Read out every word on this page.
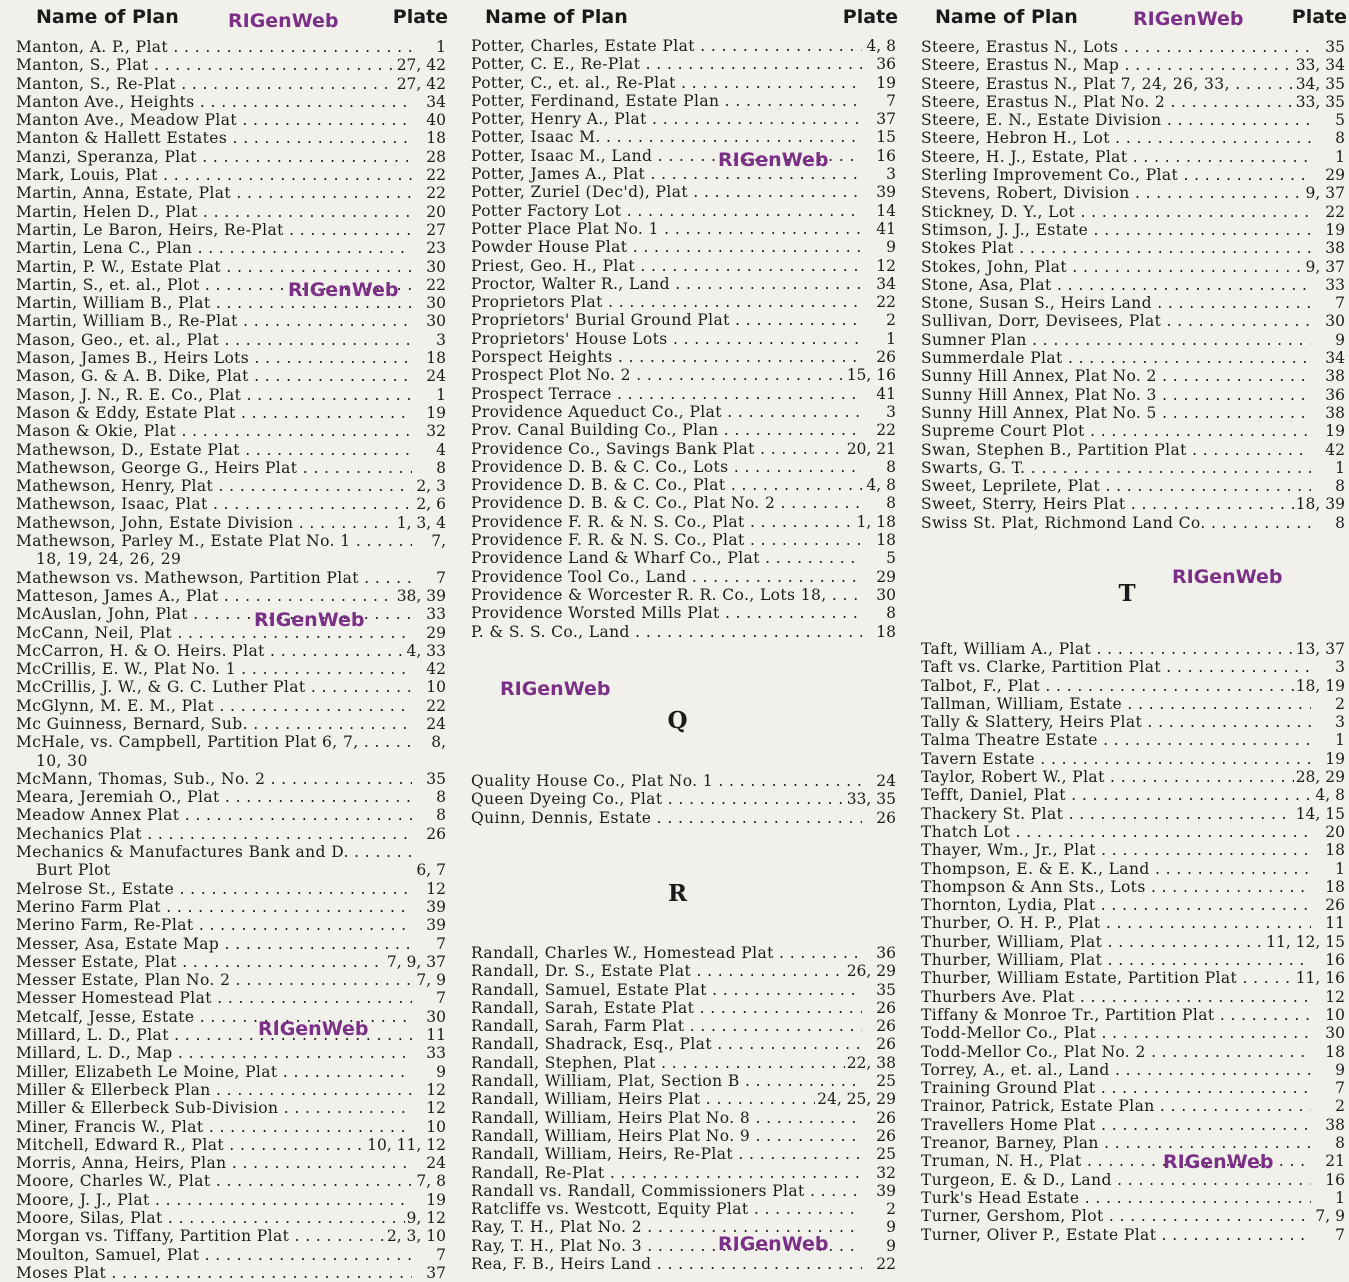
Name of Plan	Plate
Manton, A. P., Plat . . .	1
Manton, S., Plat . . .	27, 42
Manton, S., Re-Plat . . .	27, 42
Manton Ave., Heights . . .	34
Manton Ave., Meadow Plat . . .	40
Manton & Hallett Estates . . .	18
Manzi, Speranza, Plat . . .	28
Mark, Louis, Plat . . .	22
Martin, Anna, Estate, Plat . . .	22
Martin, Helen D., Plat . . .	20
Martin, Le Baron, Heirs, Re-Plat . . .	27
Martin, Lena C., Plan . . .	23
Martin, P. W., Estate Plat . . .	30
Martin, S., et. al., Plot . . .	22
Martin, William B., Plat . . .	30
Martin, William B., Re-Plat . . .	30
Mason, Geo., et. al., Plat . . .	3
Mason, James B., Heirs Lots . . .	18
Mason, G. & A. B. Dike, Plat . . .	24
Mason, J. N., R. E. Co., Plat . . .	1
Mason & Eddy, Estate Plat . . .	19
Mason & Okie, Plat . . .	32
Mathewson, D., Estate Plat . . .	4
Mathewson, George G., Heirs Plat . . .	8
Mathewson, Henry, Plat . . .	2, 3
Mathewson, Isaac, Plat . . .	2, 6
Mathewson, John, Estate Division . . .	1, 3, 4
Mathewson, Parley M., Estate Plat No. 1 . . .	7,
18, 19, 24, 26, 29
Mathewson vs. Mathewson, Partition Plat . . .	7
Matteson, James A., Plat . . .	38, 39
McAuslan, John, Plat . . .	33
McCann, Neil, Plat . . .	29
McCarron, H. & O. Heirs. Plat . . .	4, 33
McCrillis, E. W., Plat No. 1 . . .	42
McCrillis, J. W., & G. C. Luther Plat . . .	10
McGlynn, M. E. M., Plat . . .	22
Mc Guinness, Bernard, Sub. . . .	24
McHale, vs. Campbell, Partition Plat 6, 7, . . .	8,
10, 30
McMann, Thomas, Sub., No. 2 . . .	35
Meara, Jeremiah O., Plat . . .	8
Meadow Annex Plat . . .	8
Mechanics Plat . . .	26
Mechanics & Manufactures Bank and D. . . .
Burt Plot	6, 7
Melrose St., Estate . . .	12
Merino Farm Plat . . .	39
Merino Farm, Re-Plat . . .	39
Messer, Asa, Estate Map . . .	7
Messer Estate, Plat . . .	7, 9, 37
Messer Estate, Plan No. 2 . . .	7, 9
Messer Homestead Plat . . .	7
Metcalf, Jesse, Estate . . .	30
Millard, L. D., Plat . . .	11
Millard, L. D., Map . . .	33
Miller, Elizabeth Le Moine, Plat . . .	9
Miller & Ellerbeck Plan . . .	12
Miller & Ellerbeck Sub-Division . . .	12
Miner, Francis W., Plat . . .	10
Mitchell, Edward R., Plat . . .	10, 11, 12
Morris, Anna, Heirs, Plan . . .	24
Moore, Charles W., Plat . . .	7, 8
Moore, J. J., Plat . . .	19
Moore, Silas, Plat . . .	9, 12
Morgan vs. Tiffany, Partition Plat . . .	2, 3, 10
Moulton, Samuel, Plat . . .	7
Moses Plat . . .	37
Name of Plan	Plate
Potter, Charles, Estate Plat . . .	4, 8
Potter, C. E., Re-Plat . . .	36
Potter, C., et. al., Re-Plat . . .	19
Potter, Ferdinand, Estate Plan . . .	7
Potter, Henry A., Plat . . .	37
Potter, Isaac M. . . .	15
Potter, Isaac M., Land . . .	16
Potter, James A., Plat . . .	3
Potter, Zuriel (Dec'd), Plat . . .	39
Potter Factory Lot . . .	14
Potter Place Plat No. 1 . . .	41
Powder House Plat . . .	9
Priest, Geo. H., Plat . . .	12
Proctor, Walter R., Land . . .	34
Proprietors Plat . . .	22
Proprietors' Burial Ground Plat . . .	2
Proprietors' House Lots . . .	1
Porspect Heights . . .	26
Prospect Plot No. 2 . . .	15, 16
Prospect Terrace . . .	41
Providence Aqueduct Co., Plat . . .	3
Prov. Canal Building Co., Plan . . .	22
Providence Co., Savings Bank Plat . . .	20, 21
Providence D. B. & C. Co., Lots . . .	8
Providence D. B. & C. Co., Plat . . .	4, 8
Providence D. B. & C. Co., Plat No. 2 . . .	8
Providence F. R. & N. S. Co., Plat . . .	1, 18
Providence F. R. & N. S. Co., Plat . . .	18
Providence Land & Wharf Co., Plat . . .	5
Providence Tool Co., Land . . .	29
Providence & Worcester R. R. Co., Lots 18, . . .	30
Providence Worsted Mills Plat . . .	8
P. & S. S. Co., Land . . .	18
Q
Quality House Co., Plat No. 1 . . .	24
Queen Dyeing Co., Plat . . .	33, 35
Quinn, Dennis, Estate . . .	26
R
Randall, Charles W., Homestead Plat . . .	36
Randall, Dr. S., Estate Plat . . .	26, 29
Randall, Samuel, Estate Plat . . .	35
Randall, Sarah, Estate Plat . . .	26
Randall, Sarah, Farm Plat . . .	26
Randall, Shadrack, Esq., Plat . . .	26
Randall, Stephen, Plat . . .	22, 38
Randall, William, Plat, Section B . . .	25
Randall, William, Heirs Plat . . .	24, 25, 29
Randall, William, Heirs Plat No. 8 . . .	26
Randall, William, Heirs Plat No. 9 . . .	26
Randall, William, Heirs, Re-Plat . . .	25
Randall, Re-Plat . . .	32
Randall vs. Randall, Commissioners Plat . . .	39
Ratcliffe vs. Westcott, Equity Plat . . .	2
Ray, T. H., Plat No. 2 . . .	9
Ray, T. H., Plat No. 3 . . .	9
Rea, F. B., Heirs Land . . .	22
Name of Plan	Plate
Steere, Erastus N., Lots . . .	35
Steere, Erastus N., Map . . .	33, 34
Steere, Erastus N., Plat 7, 24, 26, 33, . . .	34, 35
Steere, Erastus N., Plat No. 2 . . .	33, 35
Steere, E. N., Estate Division . . .	5
Steere, Hebron H., Lot . . .	8
Steere, H. J., Estate, Plat . . .	1
Sterling Improvement Co., Plat . . .	29
Stevens, Robert, Division . . .	9, 37
Stickney, D. Y., Lot . . .	22
Stimson, J. J., Estate . . .	19
Stokes Plat . . .	38
Stokes, John, Plat . . .	9, 37
Stone, Asa, Plat . . .	33
Stone, Susan S., Heirs Land . . .	7
Sullivan, Dorr, Devisees, Plat . . .	30
Sumner Plan . . .	9
Summerdale Plat . . .	34
Sunny Hill Annex, Plat No. 2 . . .	38
Sunny Hill Annex, Plat No. 3 . . .	36
Sunny Hill Annex, Plat No. 5 . . .	38
Supreme Court Plot . . .	19
Swan, Stephen B., Partition Plat . . .	42
Swarts, G. T. . . .	1
Sweet, Leprilete, Plat . . .	8
Sweet, Sterry, Heirs Plat . . .	18, 39
Swiss St. Plat, Richmond Land Co. . . .	8
T
Taft, William A., Plat . . .	13, 37
Taft vs. Clarke, Partition Plat . . .	3
Talbot, F., Plat . . .	18, 19
Tallman, William, Estate . . .	2
Tally & Slattery, Heirs Plat . . .	3
Talma Theatre Estate . . .	1
Tavern Estate . . .	19
Taylor, Robert W., Plat . . .	28, 29
Tefft, Daniel, Plat . . .	4, 8
Thackery St. Plat . . .	14, 15
Thatch Lot . . .	20
Thayer, Wm., Jr., Plat . . .	18
Thompson, E. & E. K., Land . . .	1
Thompson & Ann Sts., Lots . . .	18
Thornton, Lydia, Plat . . .	26
Thurber, O. H. P., Plat . . .	11
Thurber, William, Plat . . .	11, 12, 15
Thurber, William, Plat . . .	16
Thurber, William Estate, Partition Plat . . .	11, 16
Thurbers Ave. Plat . . .	12
Tiffany & Monroe Tr., Partition Plat . . .	10
Todd-Mellor Co., Plat . . .	30
Todd-Mellor Co., Plat No. 2 . . .	18
Torrey, A., et. al., Land . . .	9
Training Ground Plat . . .	7
Trainor, Patrick, Estate Plan . . .	2
Travellers Home Plat . . .	38
Treanor, Barney, Plan . . .	8
Truman, N. H., Plat . . .	21
Turgeon, E. & D., Land . . .	16
Turk's Head Estate . . .	1
Turner, Gershom, Plot . . .	7, 9
Turner, Oliver P., Estate Plat . . .	7
RIGenWeb	RIGenWeb
RIGenWeb
RIGenWeb
RIGenWeb
RIGenWeb
RIGenWeb
RIGenWeb
RIGenWeb
RIGenWeb
